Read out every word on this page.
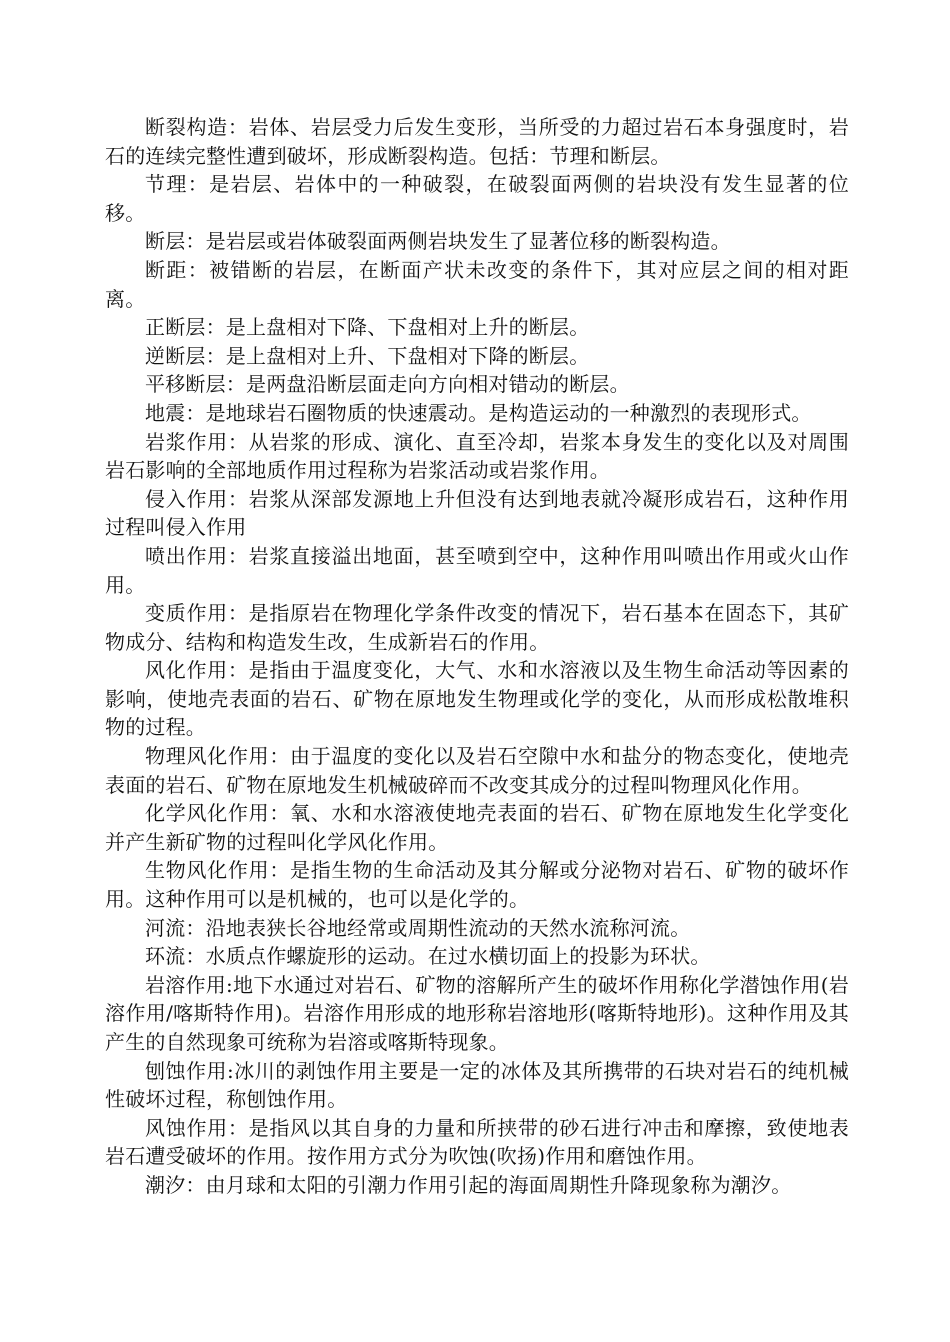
断裂构造：岩体、岩层受力后发生变形，当所受的力超过岩石本身强度时，岩石的连续完整性遭到破坏，形成断裂构造。包括：节理和断层。

节理：是岩层、岩体中的一种破裂，在破裂面两侧的岩块没有发生显著的位移。

断层：是岩层或岩体破裂面两侧岩块发生了显著位移的断裂构造。

断距：被错断的岩层，在断面产状未改变的条件下，其对应层之间的相对距离。

正断层：是上盘相对下降、下盘相对上升的断层。

逆断层：是上盘相对上升、下盘相对下降的断层。

平移断层：是两盘沿断层面走向方向相对错动的断层。

地震：是地球岩石圈物质的快速震动。是构造运动的一种激烈的表现形式。

岩浆作用：从岩浆的形成、演化、直至冷却，岩浆本身发生的变化以及对周围岩石影响的全部地质作用过程称为岩浆活动或岩浆作用。

侵入作用：岩浆从深部发源地上升但没有达到地表就冷凝形成岩石，这种作用过程叫侵入作用

喷出作用：岩浆直接溢出地面，甚至喷到空中，这种作用叫喷出作用或火山作用。

变质作用：是指原岩在物理化学条件改变的情况下，岩石基本在固态下，其矿物成分、结构和构造发生改，生成新岩石的作用。

风化作用：是指由于温度变化，大气、水和水溶液以及生物生命活动等因素的影响，使地壳表面的岩石、矿物在原地发生物理或化学的变化，从而形成松散堆积物的过程。

物理风化作用：由于温度的变化以及岩石空隙中水和盐分的物态变化，使地壳表面的岩石、矿物在原地发生机械破碎而不改变其成分的过程叫物理风化作用。

化学风化作用：氧、水和水溶液使地壳表面的岩石、矿物在原地发生化学变化并产生新矿物的过程叫化学风化作用。

生物风化作用：是指生物的生命活动及其分解或分泌物对岩石、矿物的破坏作用。这种作用可以是机械的，也可以是化学的。

河流：沿地表狭长谷地经常或周期性流动的天然水流称河流。

环流：水质点作螺旋形的运动。在过水横切面上的投影为环状。

岩溶作用:地下水通过对岩石、矿物的溶解所产生的破坏作用称化学潜蚀作用(岩溶作用/喀斯特作用)。岩溶作用形成的地形称岩溶地形(喀斯特地形)。这种作用及其产生的自然现象可统称为岩溶或喀斯特现象。

刨蚀作用:冰川的剥蚀作用主要是一定的冰体及其所携带的石块对岩石的纯机械性破坏过程，称刨蚀作用。

风蚀作用：是指风以其自身的力量和所挟带的砂石进行冲击和摩擦，致使地表岩石遭受破坏的作用。按作用方式分为吹蚀(吹扬)作用和磨蚀作用。

潮汐：由月球和太阳的引潮力作用引起的海面周期性升降现象称为潮汐。
